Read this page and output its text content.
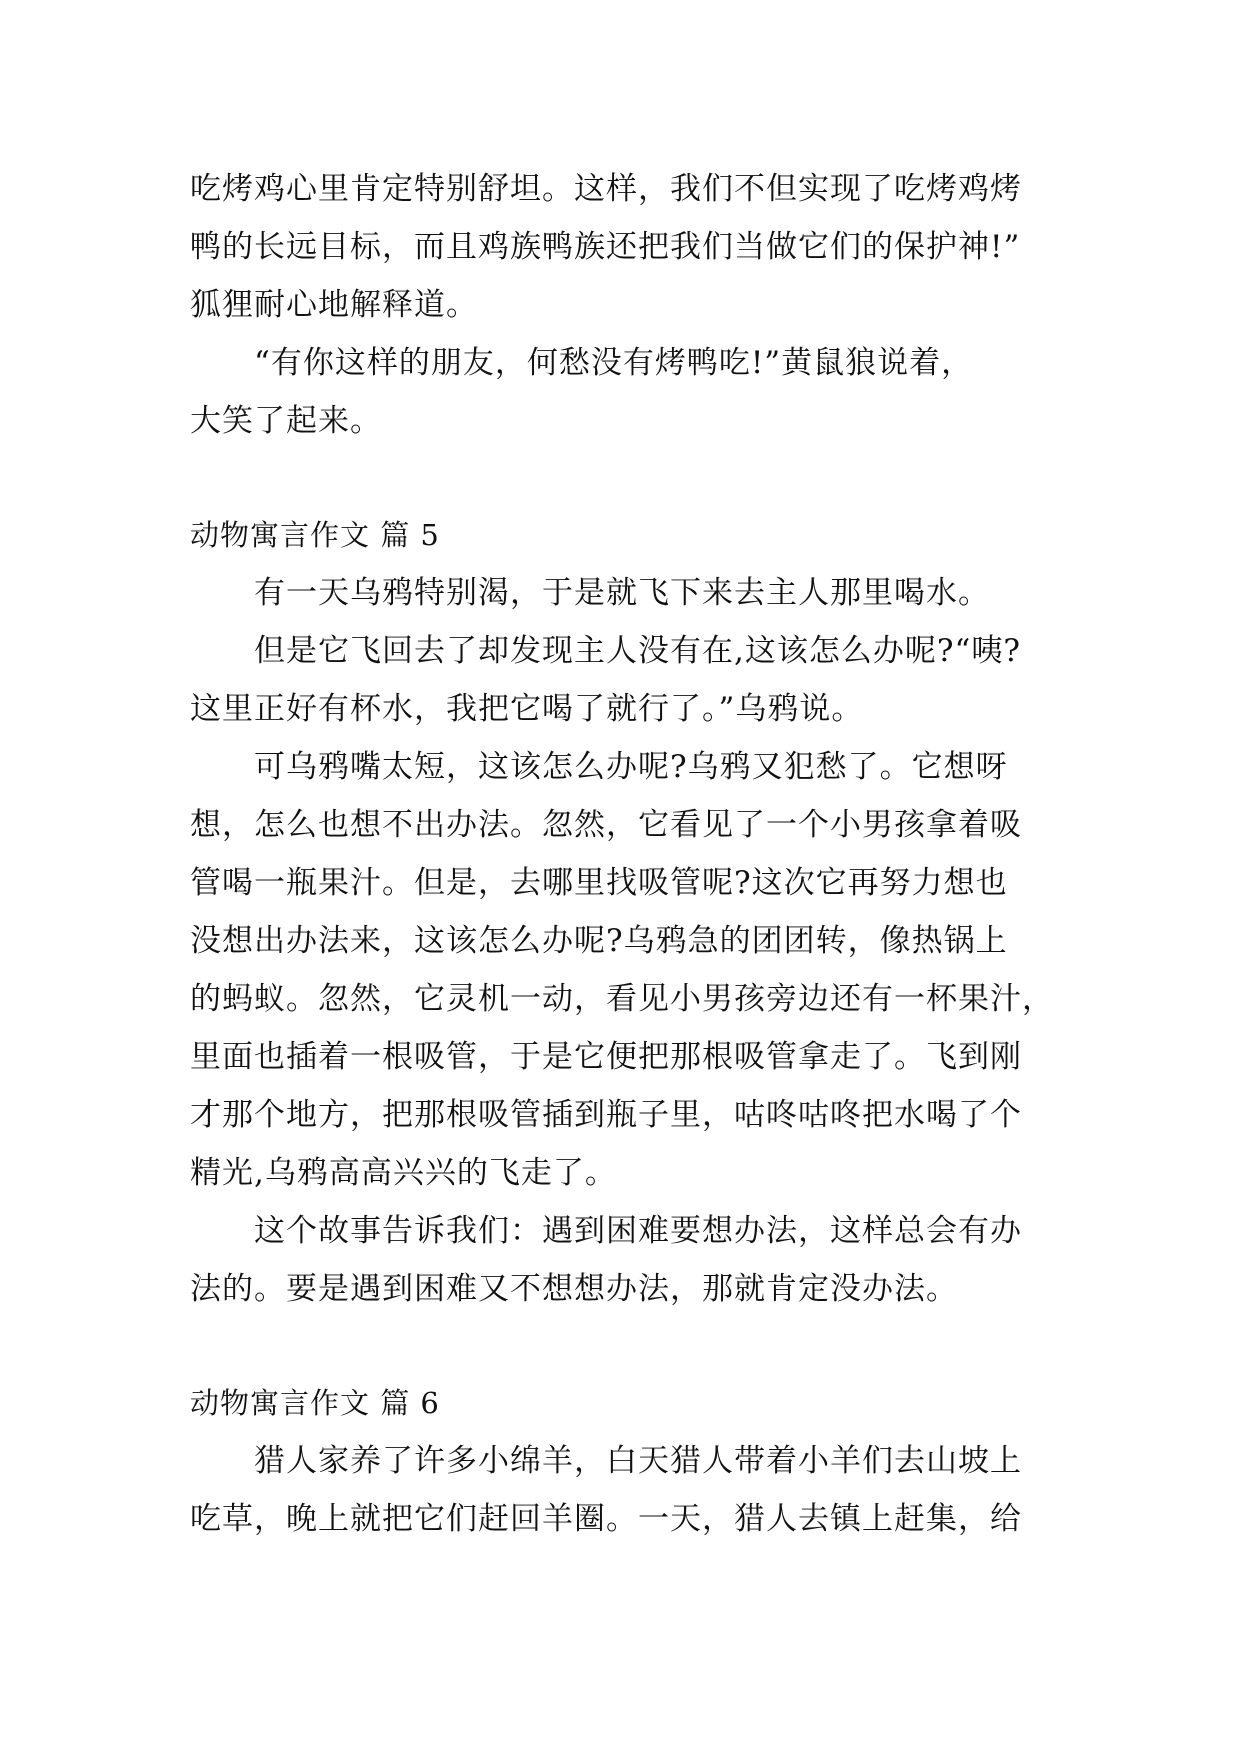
吃烤鸡心里肯定特别舒坦。这样，我们不但实现了吃烤鸡烤
鸭的长远目标，而且鸡族鸭族还把我们当做它们的保护神!”
狐狸耐心地解释道。
“有你这样的朋友，何愁没有烤鸭吃!”黄鼠狼说着，
大笑了起来。
动物寓言作文 篇 5
有一天乌鸦特别渴，于是就飞下来去主人那里喝水。
但是它飞回去了却发现主人没有在,这该怎么办呢?“咦?
这里正好有杯水，我把它喝了就行了。”乌鸦说。
可乌鸦嘴太短，这该怎么办呢?乌鸦又犯愁了。它想呀
想，怎么也想不出办法。忽然，它看见了一个小男孩拿着吸
管喝一瓶果汁。但是，去哪里找吸管呢?这次它再努力想也
没想出办法来，这该怎么办呢?乌鸦急的团团转，像热锅上
的蚂蚁。忽然，它灵机一动，看见小男孩旁边还有一杯果汁，
里面也插着一根吸管，于是它便把那根吸管拿走了。飞到刚
才那个地方，把那根吸管插到瓶子里，咕咚咕咚把水喝了个
精光,乌鸦高高兴兴的飞走了。
这个故事告诉我们：遇到困难要想办法，这样总会有办
法的。要是遇到困难又不想想办法，那就肯定没办法。
动物寓言作文 篇 6
猎人家养了许多小绵羊，白天猎人带着小羊们去山坡上
吃草，晚上就把它们赶回羊圈。一天，猎人去镇上赶集，给
